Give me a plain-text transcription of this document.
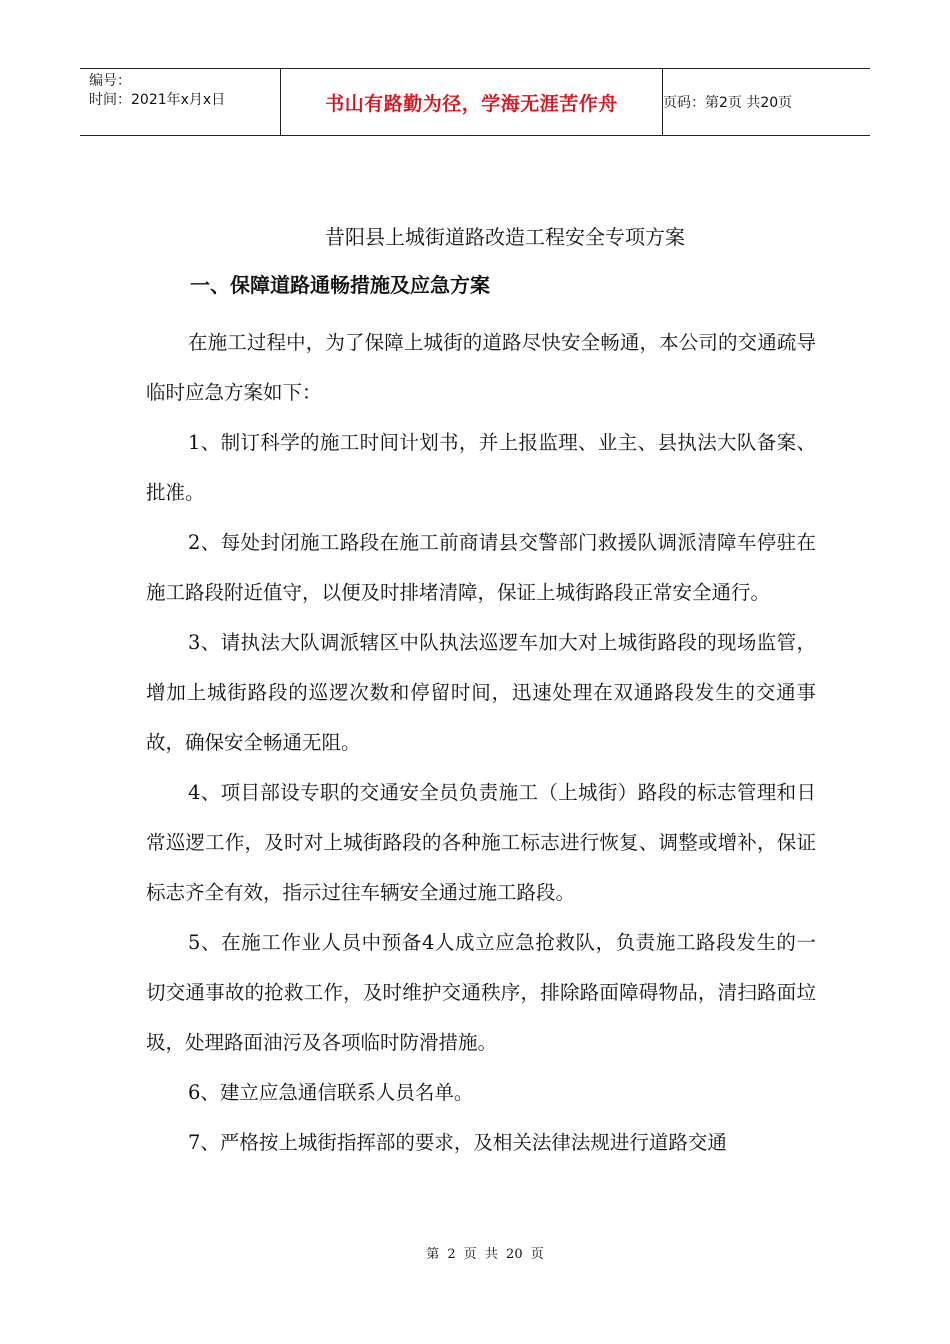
编号：
时间：2021年x月x日	书山有路勤为径，学海无涯苦作舟	页码：第2页 共20页
昔阳县上城街道路改造工程安全专项方案
一、保障道路通畅措施及应急方案

在施工过程中，为了保障上城街的道路尽快安全畅通，本公司的交通疏导临时应急方案如下：

1、制订科学的施工时间计划书，并上报监理、业主、县执法大队备案、批准。

2、每处封闭施工路段在施工前商请县交警部门救援队调派清障车停驻在施工路段附近值守，以便及时排堵清障，保证上城街路段正常安全通行。

3、请执法大队调派辖区中队执法巡逻车加大对上城街路段的现场监管，增加上城街路段的巡逻次数和停留时间，迅速处理在双通路段发生的交通事故，确保安全畅通无阻。

4、项目部设专职的交通安全员负责施工（上城街）路段的标志管理和日常巡逻工作，及时对上城街路段的各种施工标志进行恢复、调整或增补，保证标志齐全有效，指示过往车辆安全通过施工路段。

5、在施工作业人员中预备4人成立应急抢救队，负责施工路段发生的一切交通事故的抢救工作，及时维护交通秩序，排除路面障碍物品，清扫路面垃圾，处理路面油污及各项临时防滑措施。

6、建立应急通信联系人员名单。

7、严格按上城街指挥部的要求，及相关法律法规进行道路交通

第 2 页 共 20 页
